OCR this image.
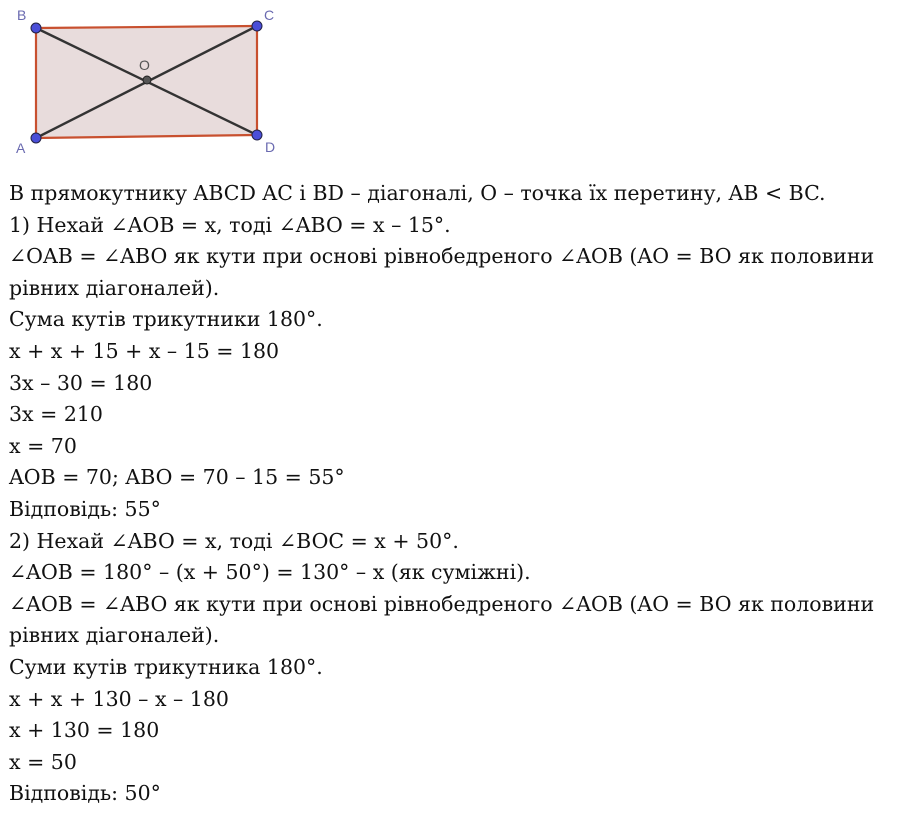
B	C
A	D
O
В прямокутнику ABCD AC і BD – діагоналі, O – точка їх перетину, AB < BC.
1) Нехай ∠AOB = x, тоді ∠ABO = x – 15°.
∠OAB = ∠ABO як кути при основі рівнобедреного ∠AOB (AO = BO як половини
рівних діагоналей).
Сума кутів трикутники 180°.
x + x + 15 + x – 15 = 180
3x – 30 = 180
3x = 210
x = 70
AOB = 70; ABO = 70 – 15 = 55°
Відповідь: 55°
2) Нехай ∠ABO = x, тоді ∠BOC = x + 50°.
∠AOB = 180° – (x + 50°) = 130° – x (як суміжні).
∠AOB = ∠ABO як кути при основі рівнобедреного ∠AOB (AO = BO як половини
рівних діагоналей).
Суми кутів трикутника 180°.
x + x + 130 – x – 180
x + 130 = 180
x = 50
Відповідь: 50°
